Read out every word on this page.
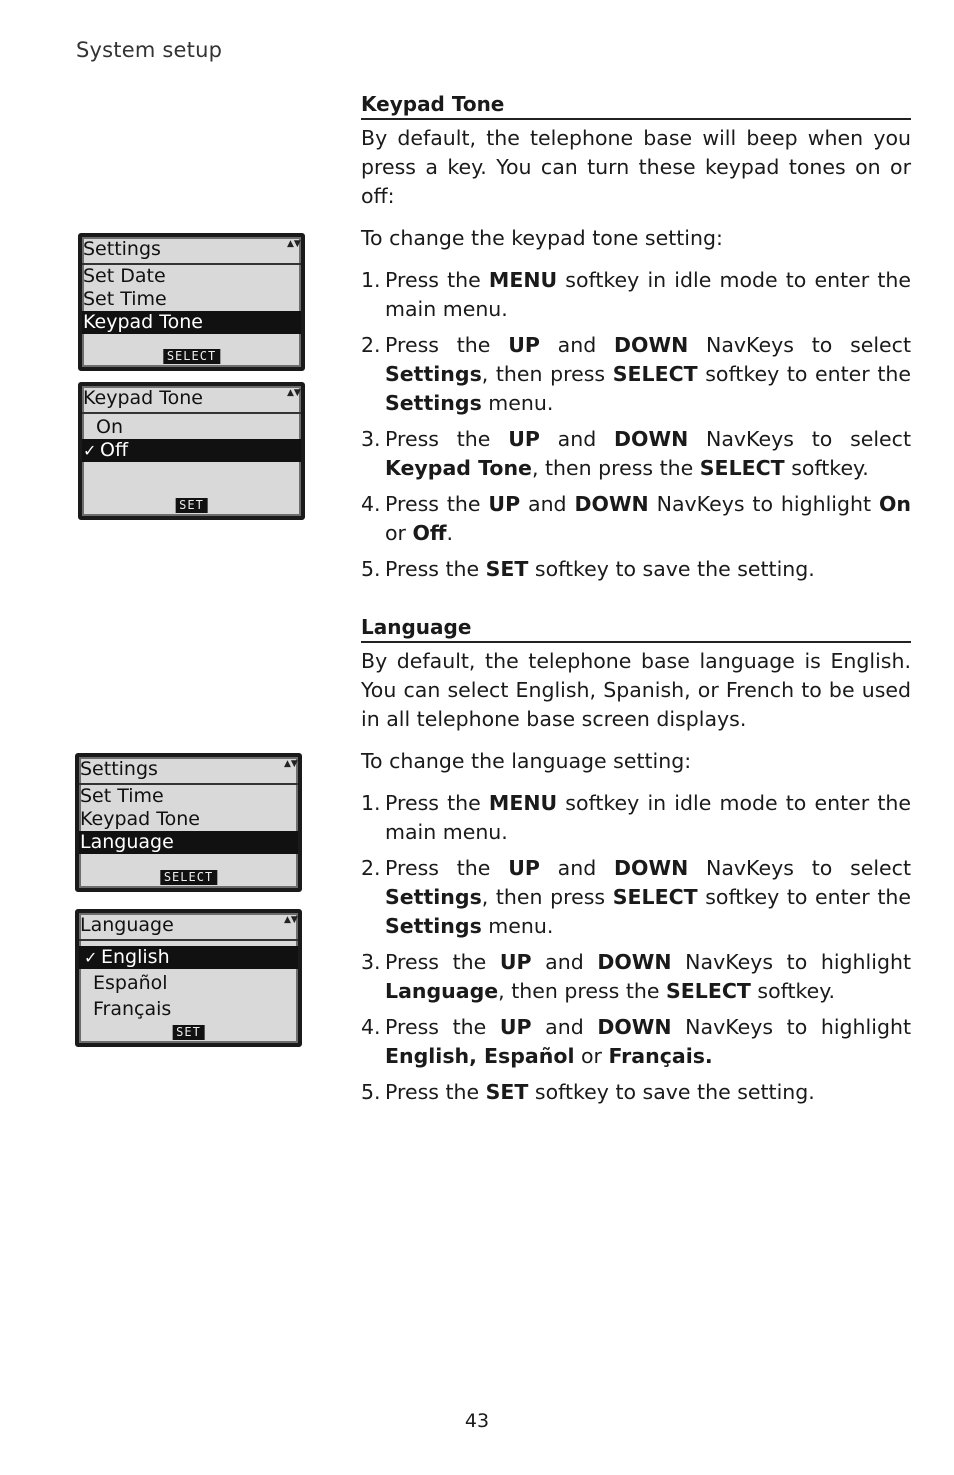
System setup
Keypad Tone

By default, the telephone base will beep when you press a key. You can turn these keypad tones on or off:

To change the keypad tone setting:

1. Press the MENU softkey in idle mode to enter the main menu.
2. Press the UP and DOWN NavKeys to select Settings, then press SELECT softkey to enter the Settings menu.
3. Press the UP and DOWN NavKeys to select Keypad Tone, then press the SELECT softkey.
4. Press the UP and DOWN NavKeys to highlight On or Off.
5. Press the SET softkey to save the setting.
Language

By default, the telephone base language is English. You can select English, Spanish, or French to be used in all telephone base screen displays.

To change the language setting:

1. Press the MENU softkey in idle mode to enter the main menu.
2. Press the UP and DOWN NavKeys to select Settings, then press SELECT softkey to enter the Settings menu.
3. Press the UP and DOWN NavKeys to highlight Language, then press the SELECT softkey.
4. Press the UP and DOWN NavKeys to highlight English, Español or Français.
5. Press the SET softkey to save the setting.
Settings	▲▼
Set Date
Set Time
Keypad Tone
SELECT
Keypad Tone	▲▼
On
✓ Off
SET
Settings	▲▼
Set Time
Keypad Tone
Language
SELECT
Language	▲▼
✓ English
Español
Français
SET
43
